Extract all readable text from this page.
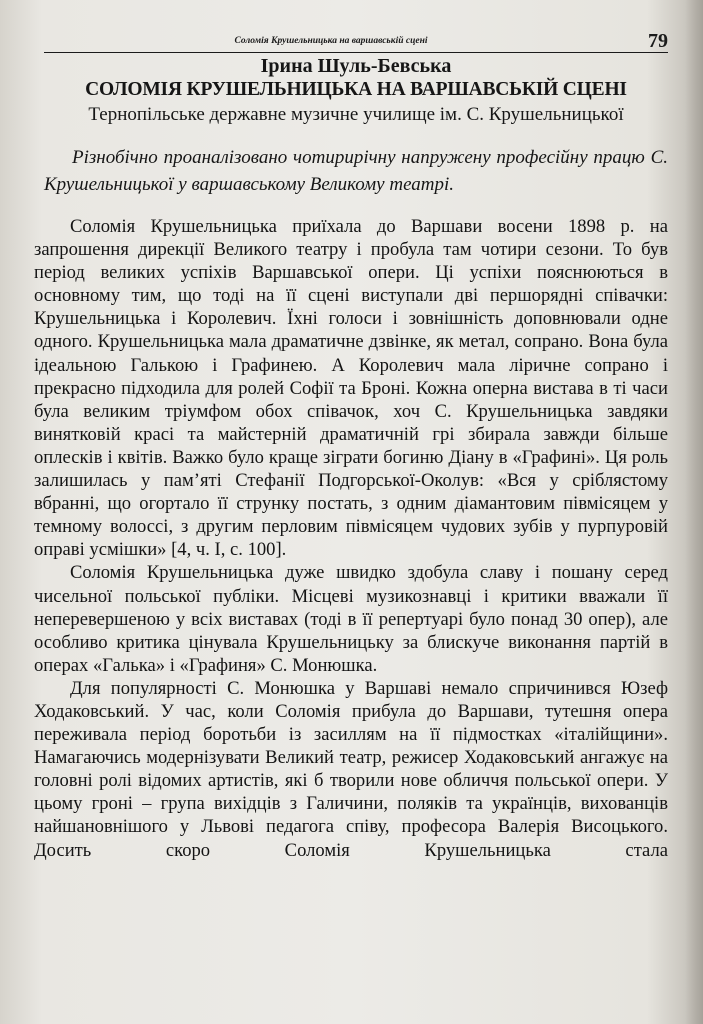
Соломія Крушельницька на варшавській сцені	79
Ірина Шуль-Бевська
СОЛОМІЯ КРУШЕЛЬНИЦЬКА НА ВАРШАВСЬКІЙ СЦЕНІ
Тернопільське державне музичне училище ім. С. Крушельницької

Різнобічно проаналізовано чотирирічну напружену професійну працю С. Крушельницької у варшавському Великому театрі.

Соломія Крушельницька приїхала до Варшави восени 1898 р. на запрошення дирекції Великого театру і пробула там чотири сезони. То був період великих успіхів Варшавської опери. Ці успіхи пояснюються в основному тим, що тоді на її сцені виступали дві першорядні співачки: Крушельницька і Королевич. Їхні голоси і зовнішність доповнювали одне одного. Крушельницька мала драматичне дзвінке, як метал, сопрано. Вона була ідеальною Галькою і Графинею. А Королевич мала ліричне сопрано і прекрасно підходила для ролей Софії та Броні. Кожна оперна вистава в ті часи була великим тріумфом обох співачок, хоч С. Крушельницька завдяки винятковій красі та майстерній драматичній грі збирала завжди більше оплесків і квітів. Важко було краще зіграти богиню Діану в «Графині». Ця роль залишилась у пам’яті Стефанії Подгорської-Околув: «Вся у сріблястому вбранні, що огортало її струнку постать, з одним діамантовим півмісяцем у темному волоссі, з другим перловим півмісяцем чудових зубів у пурпуровій оправі усмішки» [4, ч. І, с. 100].

Соломія Крушельницька дуже швидко здобула славу і пошану серед чисельної польської публіки. Місцеві музикознавці і критики вважали її неперевершеною у всіх виставах (тоді в її репертуарі було понад 30 опер), але особливо критика цінувала Крушельницьку за блискуче виконання партій в операх «Галька» і «Графиня» С. Монюшка.

Для популярності С. Монюшка у Варшаві немало спричинився Юзеф Ходаковський. У час, коли Соломія прибула до Варшави, тутешня опера переживала період боротьби із засиллям на її підмостках «італійщини». Намагаючись модернізувати Великий театр, режисер Ходаковський ангажує на головні ролі відомих артистів, які б творили нове обличчя польської опери. У цьому гроні – група вихідців з Галичини, поляків та українців, вихованців найшановнішого у Львові педагога співу, професора Валерія Висоцького. Досить скоро Соломія Крушельницька стала
